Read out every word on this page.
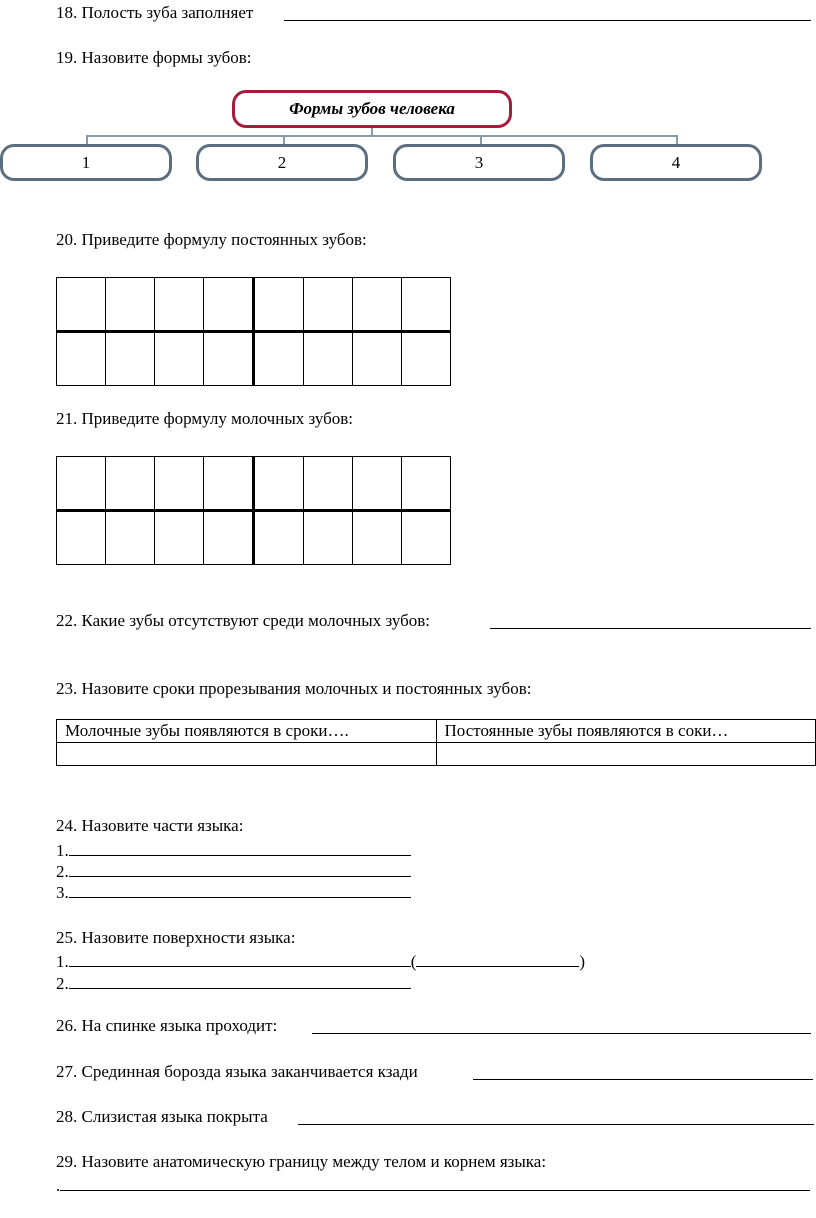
18. Полость зуба заполняет
19. Назовите формы зубов:
Формы зубов человека
1	2	3	4
20. Приведите формулу постоянных зубов:

21. Приведите формулу молочных зубов:

22. Какие зубы отсутствуют среди молочных зубов:
23. Назовите сроки прорезывания молочных и постоянных зубов:
Молочные зубы появляются в сроки….	Постоянные зубы появляются в соки…

24. Назовите части языка:
1.
2.
3.
25. Назовите поверхности языка:
1.	(	)
2.
26. На спинке языка проходит:
27. Срединная борозда языка заканчивается кзади
28. Слизистая языка покрыта
29. Назовите анатомическую границу между телом и корнем языка:
.
